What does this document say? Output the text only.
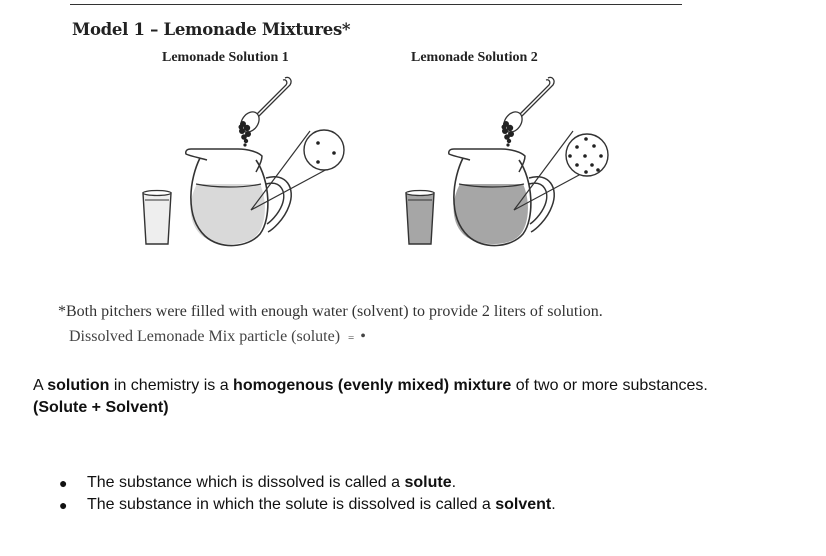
Model 1 – Lemonade Mixtures*
Lemonade Solution 1	Lemonade Solution 2
*Both pitchers were filled with enough water (solvent) to provide 2 liters of solution.
Dissolved Lemonade Mix particle (solute) = •
A solution in chemistry is a homogenous (evenly mixed) mixture of two or more substances.
(Solute + Solvent)
● The substance which is dissolved is called a solute.
● The substance in which the solute is dissolved is called a solvent.
